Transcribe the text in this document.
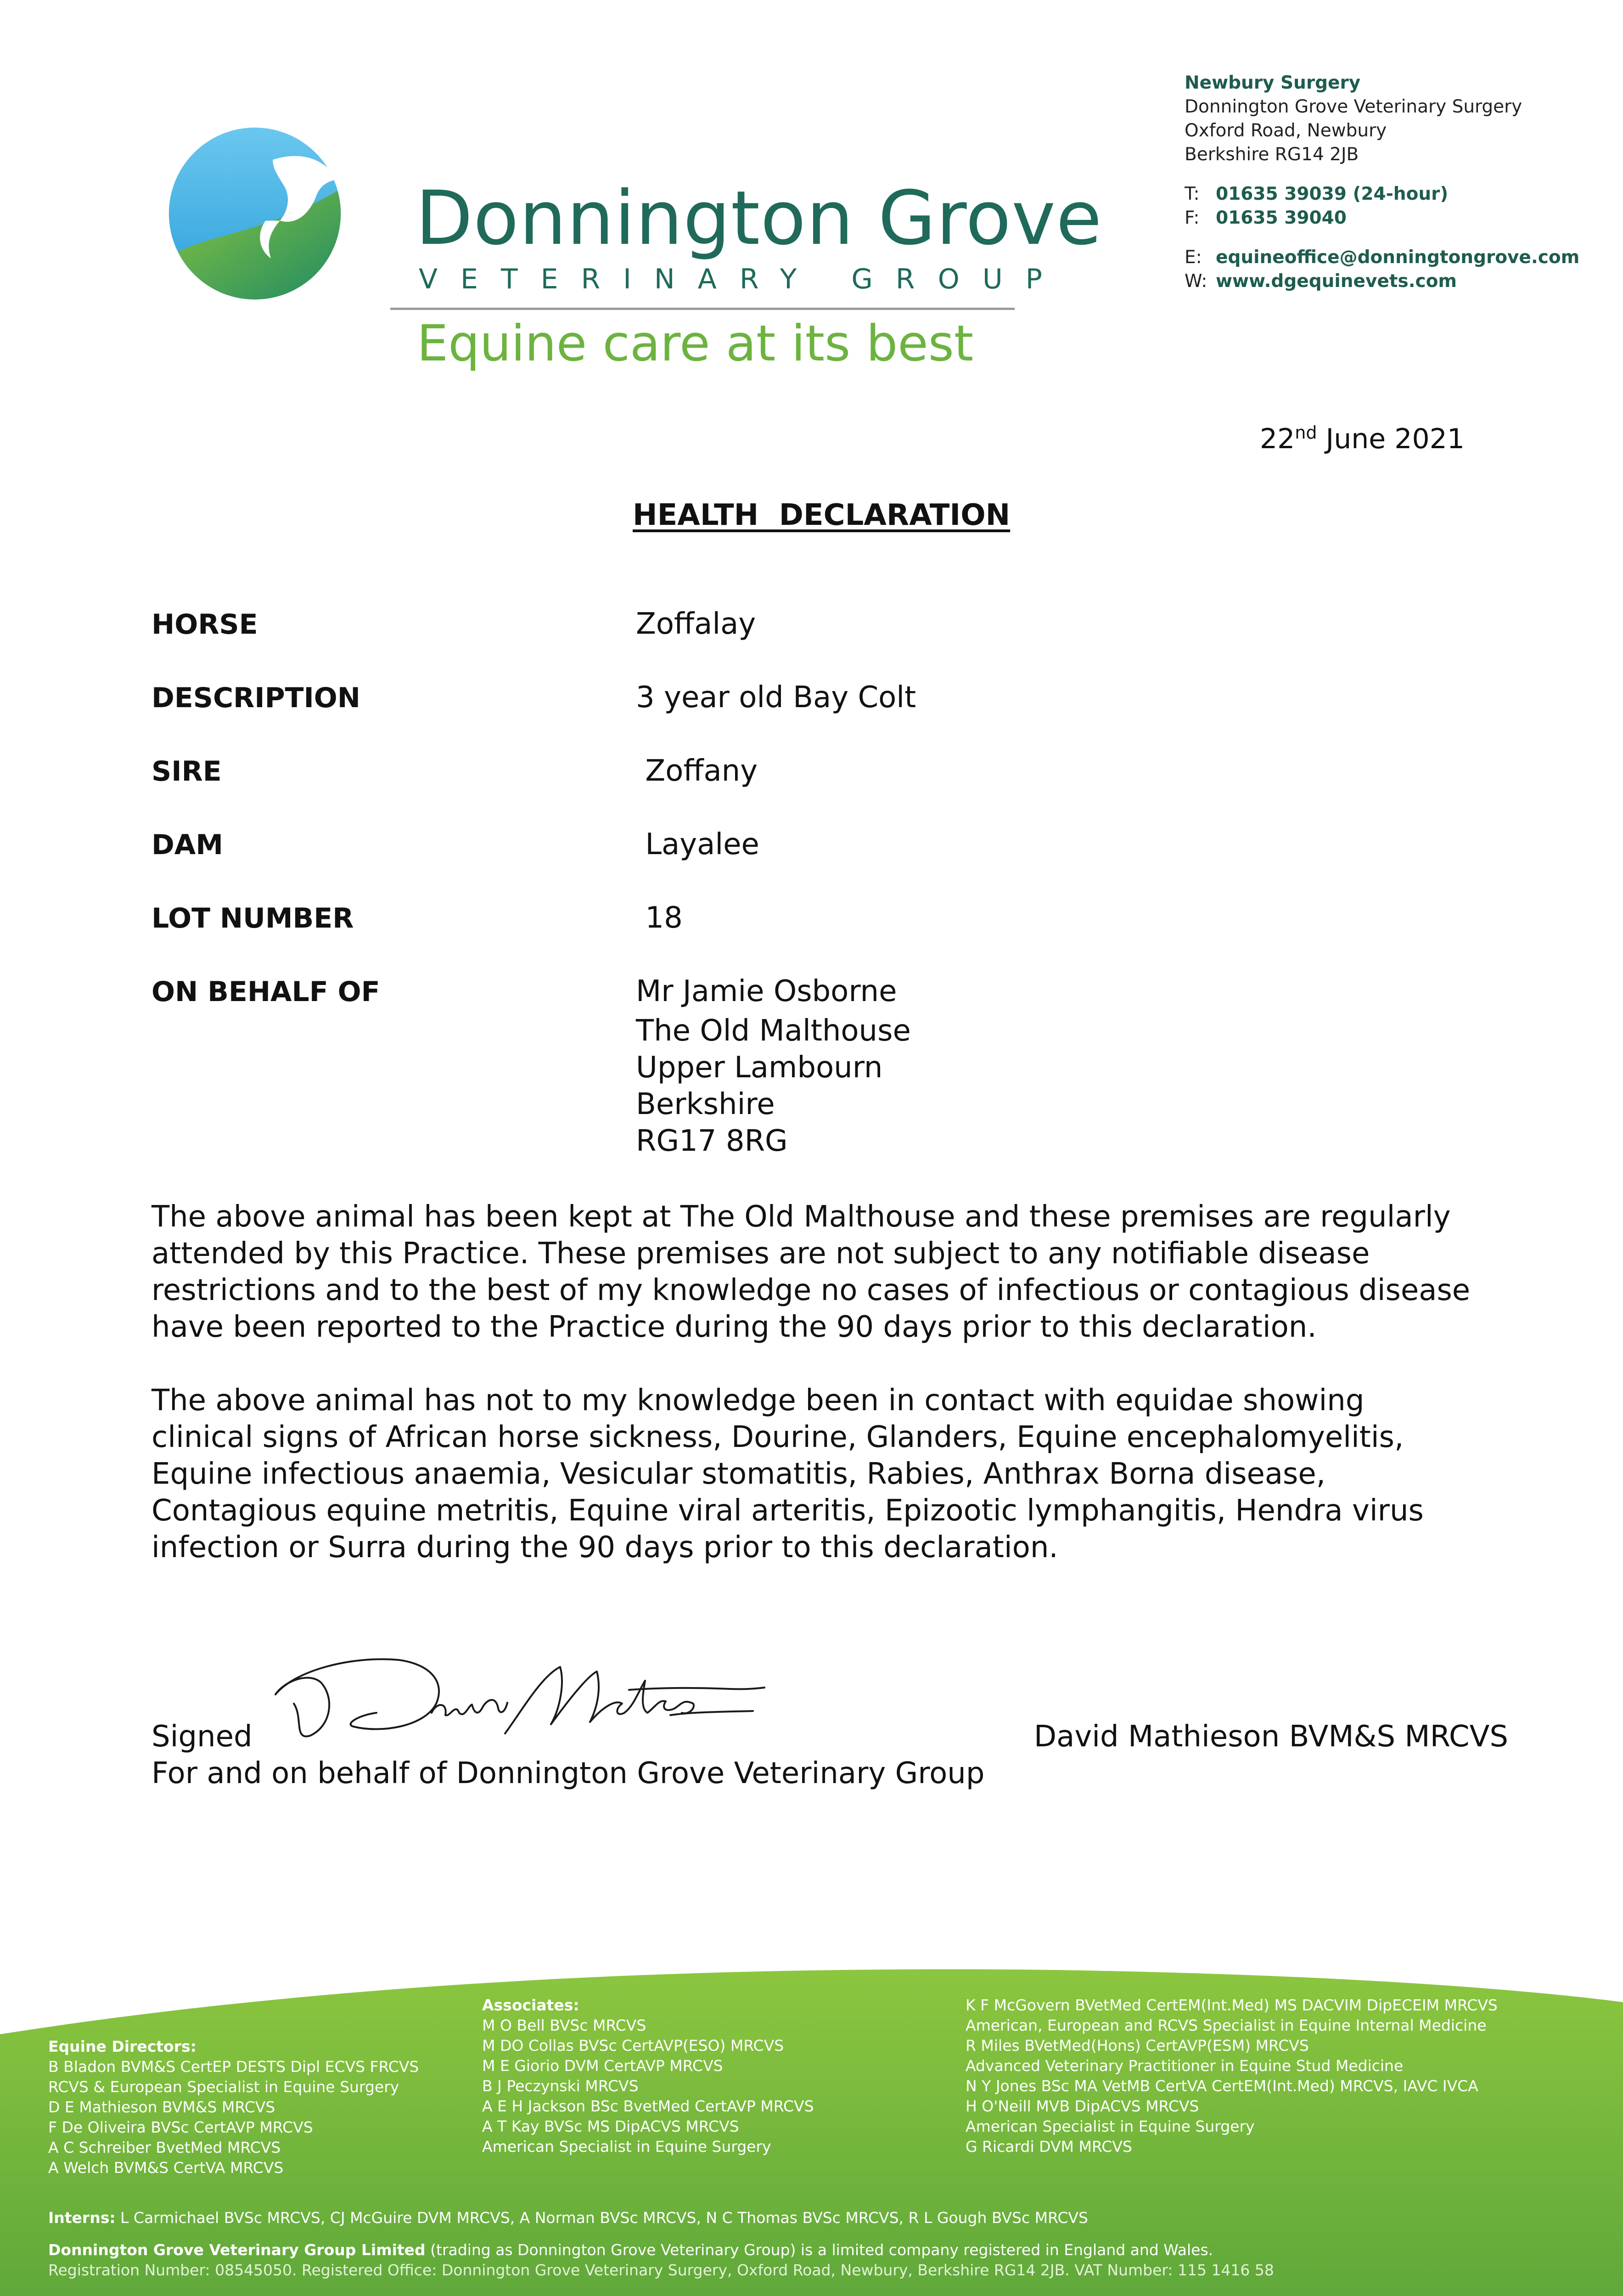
Donnington Grove
VETERINARY GROUP
Equine care at its best
Newbury Surgery
Donnington Grove Veterinary Surgery
Oxford Road, Newbury
Berkshire RG14 2JB
T: 01635 39039 (24-hour)
F: 01635 39040
E: equineoffice@donningtongrove.com
W: www.dgequinevets.com
22nd June 2021
HEALTH  DECLARATION
HORSE	Zoffalay
DESCRIPTION	3 year old Bay Colt
SIRE	Zoffany
DAM	Layalee
LOT NUMBER	18
ON BEHALF OF	Mr Jamie Osborne
The Old Malthouse
Upper Lambourn
Berkshire
RG17 8RG
The above animal has been kept at The Old Malthouse and these premises are regularly
attended by this Practice. These premises are not subject to any notifiable disease
restrictions and to the best of my knowledge no cases of infectious or contagious disease
have been reported to the Practice during the 90 days prior to this declaration.
The above animal has not to my knowledge been in contact with equidae showing
clinical signs of African horse sickness, Dourine, Glanders, Equine encephalomyelitis,
Equine infectious anaemia, Vesicular stomatitis, Rabies, Anthrax Borna disease,
Contagious equine metritis, Equine viral arteritis, Epizootic lymphangitis, Hendra virus
infection or Surra during the 90 days prior to this declaration.
Signed	David Mathieson BVM&S MRCVS
For and on behalf of Donnington Grove Veterinary Group
Equine Directors:
B Bladon BVM&S CertEP DESTS Dipl ECVS FRCVS
RCVS & European Specialist in Equine Surgery
D E Mathieson BVM&S MRCVS
F De Oliveira BVSc CertAVP MRCVS
A C Schreiber BvetMed MRCVS
A Welch BVM&S CertVA MRCVS
Associates:
M O Bell BVSc MRCVS
M DO Collas BVSc CertAVP(ESO) MRCVS
M E Giorio DVM CertAVP MRCVS
B J Peczynski MRCVS
A E H Jackson BSc BvetMed CertAVP MRCVS
A T Kay BVSc MS DipACVS MRCVS
American Specialist in Equine Surgery
K F McGovern BVetMed CertEM(Int.Med) MS DACVIM DipECEIM MRCVS
American, European and RCVS Specialist in Equine Internal Medicine
R Miles BVetMed(Hons) CertAVP(ESM) MRCVS
Advanced Veterinary Practitioner in Equine Stud Medicine
N Y Jones BSc MA VetMB CertVA CertEM(Int.Med) MRCVS, IAVC IVCA
H O'Neill MVB DipACVS MRCVS
American Specialist in Equine Surgery
G Ricardi DVM MRCVS
Interns: L Carmichael BVSc MRCVS, CJ McGuire DVM MRCVS, A Norman BVSc MRCVS, N C Thomas BVSc MRCVS, R L Gough BVSc MRCVS
Donnington Grove Veterinary Group Limited (trading as Donnington Grove Veterinary Group) is a limited company registered in England and Wales.
Registration Number: 08545050. Registered Office: Donnington Grove Veterinary Surgery, Oxford Road, Newbury, Berkshire RG14 2JB. VAT Number: 115 1416 58
